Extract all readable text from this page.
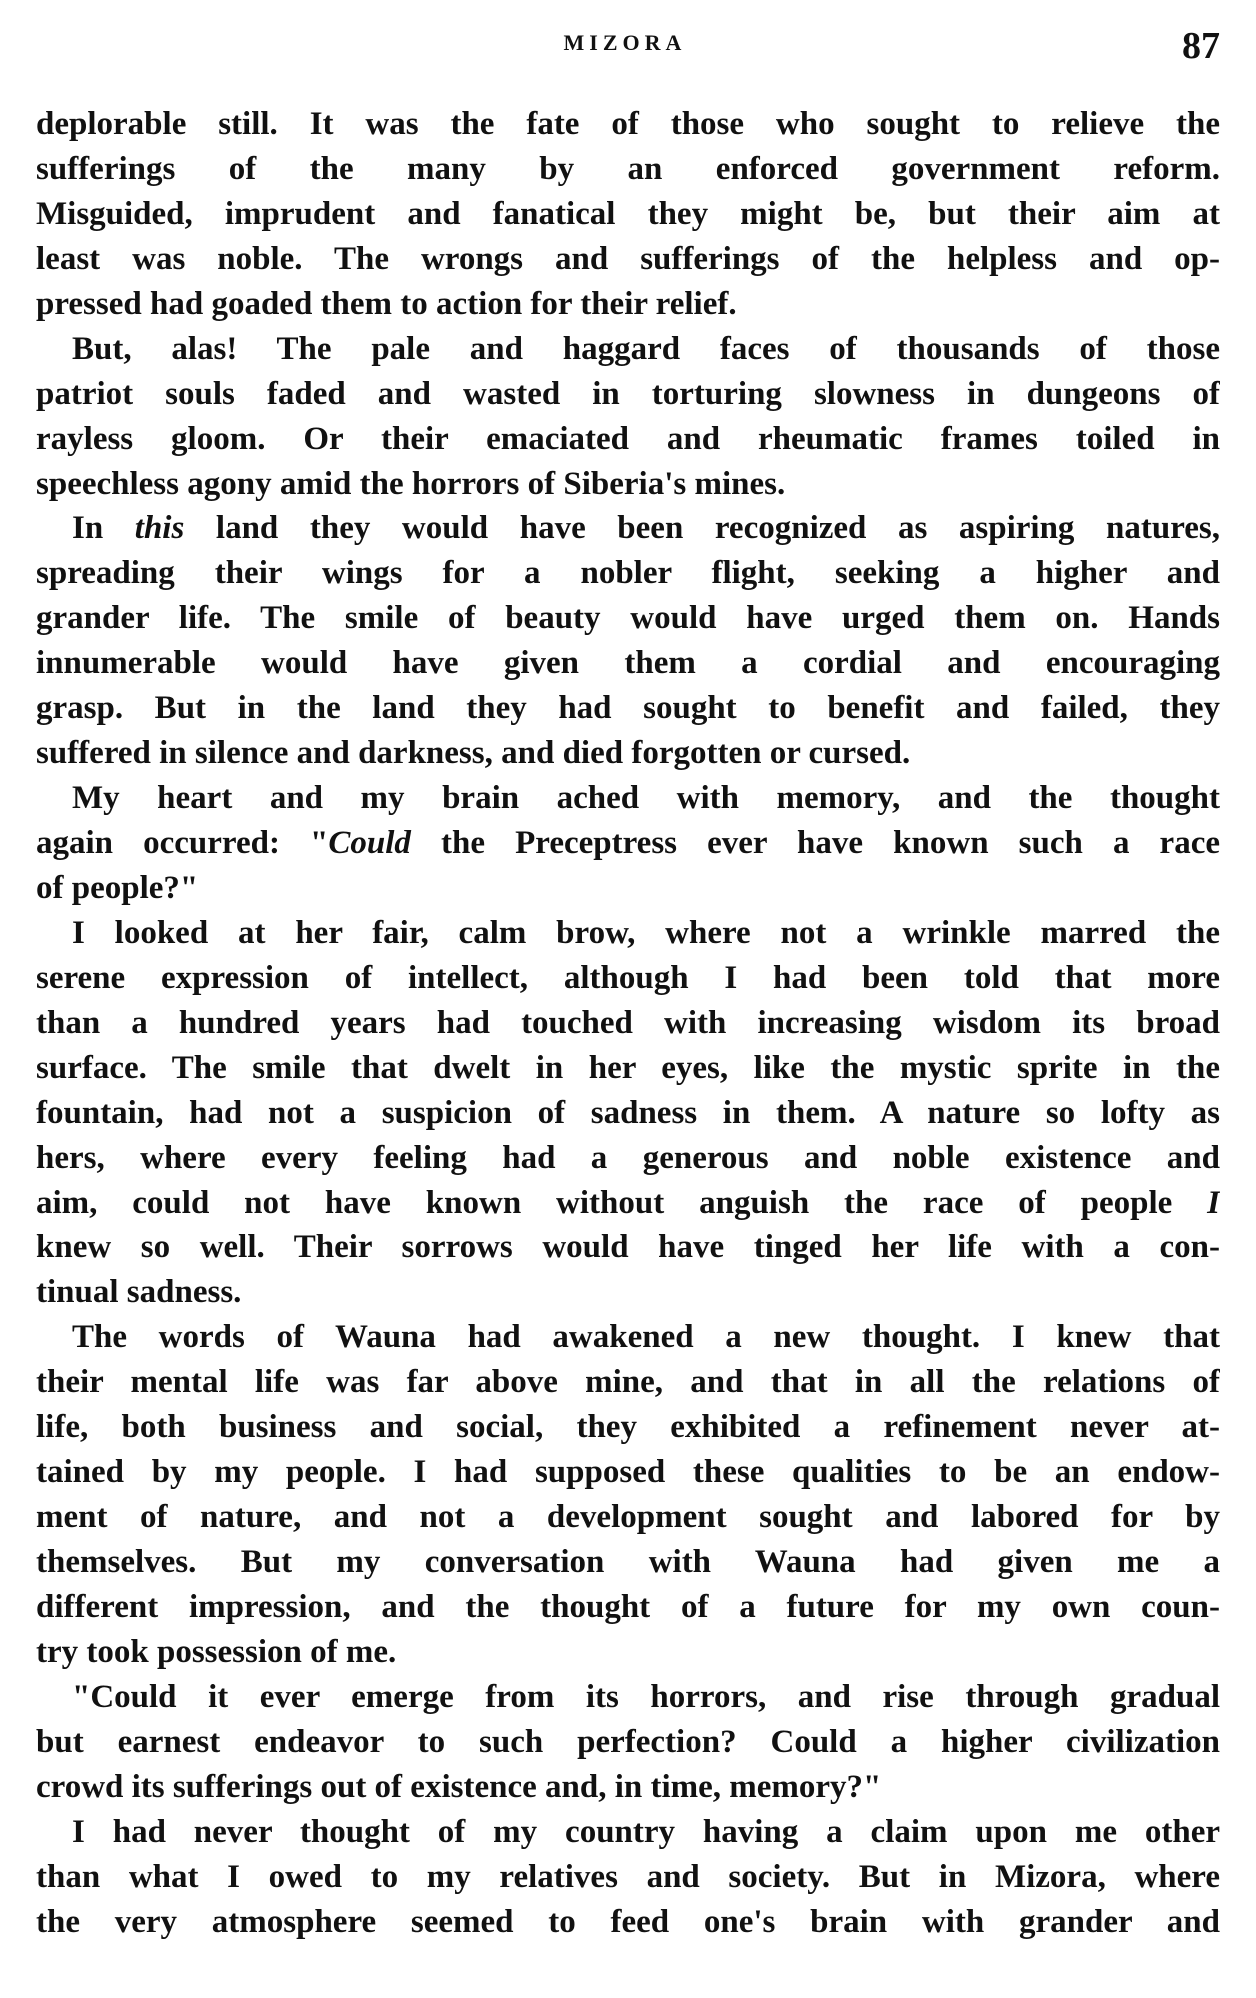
MIZORA	87
deplorable still. It was the fate of those who sought to relieve the
sufferings of the many by an enforced government reform.
Misguided, imprudent and fanatical they might be, but their aim at
least was noble. The wrongs and sufferings of the helpless and op-
pressed had goaded them to action for their relief.
But, alas! The pale and haggard faces of thousands of those
patriot souls faded and wasted in torturing slowness in dungeons of
rayless gloom. Or their emaciated and rheumatic frames toiled in
speechless agony amid the horrors of Siberia's mines.
In this land they would have been recognized as aspiring natures,
spreading their wings for a nobler flight, seeking a higher and
grander life. The smile of beauty would have urged them on. Hands
innumerable would have given them a cordial and encouraging
grasp. But in the land they had sought to benefit and failed, they
suffered in silence and darkness, and died forgotten or cursed.
My heart and my brain ached with memory, and the thought
again occurred: "Could the Preceptress ever have known such a race
of people?"
I looked at her fair, calm brow, where not a wrinkle marred the
serene expression of intellect, although I had been told that more
than a hundred years had touched with increasing wisdom its broad
surface. The smile that dwelt in her eyes, like the mystic sprite in the
fountain, had not a suspicion of sadness in them. A nature so lofty as
hers, where every feeling had a generous and noble existence and
aim, could not have known without anguish the race of people I
knew so well. Their sorrows would have tinged her life with a con-
tinual sadness.
The words of Wauna had awakened a new thought. I knew that
their mental life was far above mine, and that in all the relations of
life, both business and social, they exhibited a refinement never at-
tained by my people. I had supposed these qualities to be an endow-
ment of nature, and not a development sought and labored for by
themselves. But my conversation with Wauna had given me a
different impression, and the thought of a future for my own coun-
try took possession of me.
"Could it ever emerge from its horrors, and rise through gradual
but earnest endeavor to such perfection? Could a higher civilization
crowd its sufferings out of existence and, in time, memory?"
I had never thought of my country having a claim upon me other
than what I owed to my relatives and society. But in Mizora, where
the very atmosphere seemed to feed one's brain with grander and
